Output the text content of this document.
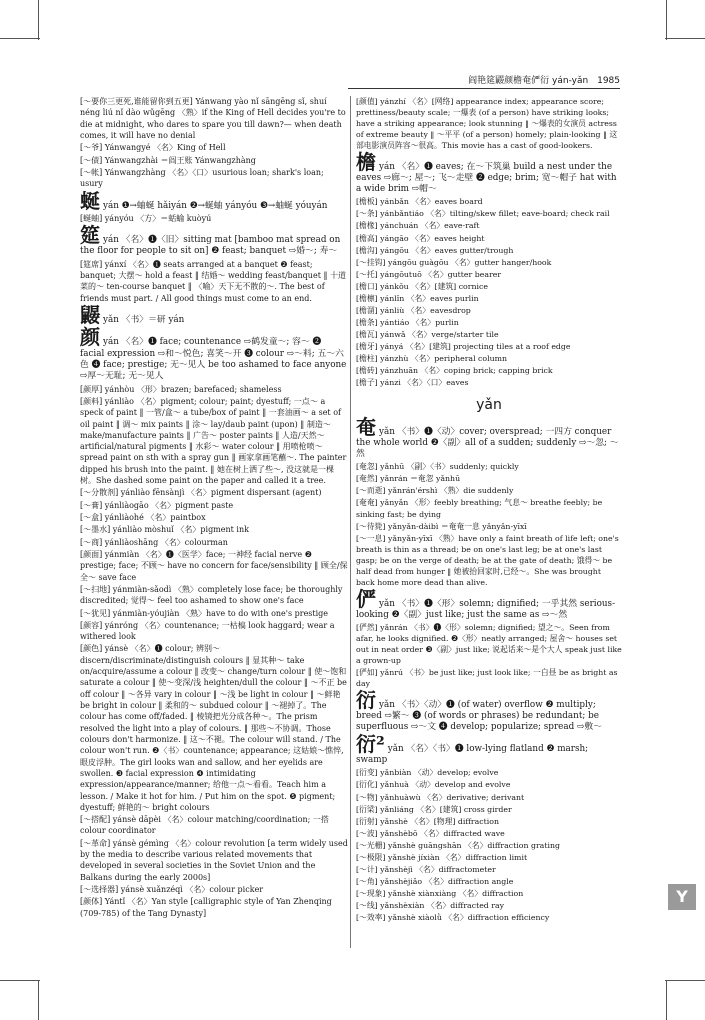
阎艳筵鼹颜檐奄俨衍 yán-yǎn 1985
[～要你三更死,谁能留你到五更] Yánwang yào nǐ sāngēng sǐ, shuí néng liú nǐ dào wǔgēng 〈熟〉if the King of Hell decides you're to die at midnight, who dares to spare you till dawn?— when death comes, it will have no denial
[～爷] Yánwangyé 〈名〉King of Hell
[～债] Yánwangzhài ＝阎王账 Yánwangzhàng
[～帐] Yánwangzhàng 〈名〉〈口〉usurious loan; shark's loan; usury
蜒yán ❶→蚰蜒 hǎiyán ❷→蜒蚰 yányóu ❸→蚰蜒 yóuyán
[蜒蚰] yányóu 〈方〉＝蛞蝓 kuòyú
筵yán 〈名〉❶〈旧〉sitting mat [bamboo mat spread on the floor for people to sit on] ❷ feast; banquet ⇨婚～; 寿～
[筵席] yánxí 〈名〉❶ seats arranged at a banquet ❷ feast; banquet; 大摆～ hold a feast ‖ 结婚～ wedding feast/banquet ‖ 十道菜的～ ten-course banquet ‖ 〈喻〉天下无不散的～. The best of friends must part. / All good things must come to an end.
鼹yǎn 〈书〉＝研 yán
颜yán 〈名〉❶ face; countenance ⇨鹤发童～; 容～ ❷ facial expression ⇨和～悦色; 喜笑～开 ❸ colour ⇨～料; 五～六色 ❹ face; prestige; 无～见人 be too ashamed to face anyone ⇨厚～无耻; 无～见人
[颜厚] yánhòu 〈形〉brazen; barefaced; shameless
[颜料] yánliào 〈名〉pigment; colour; paint; dyestuff; 一点～ a speck of paint ‖ 一管/盒～ a tube/box of paint ‖ 一套油画～ a set of oil paint ‖ 调～ mix paints ‖ 涂～ lay/daub paint (upon) ‖ 制造～ make/manufacture paints ‖ 广告～ poster paints ‖ 人造/天然～ artificial/natural pigments ‖ 水彩～ water colour ‖ 用喷枪喷～ spread paint on sth with a spray gun ‖ 画家拿画笔蘸～. The painter dipped his brush into the paint. ‖ 她在树上洒了些～, 没这就是一棵树。She dashed some paint on the paper and called it a tree.
[～分散剂] yánliào fēnsànjì 〈名〉pigment dispersant (agent)
[～膏] yánliàogāo 〈名〉pigment paste
[～盒] yánliàohé 〈名〉paintbox
[～墨水] yánliào mòshuǐ 〈名〉pigment ink
[～商] yánliàoshāng 〈名〉colourman
[颜面] yánmiàn 〈名〉❶〈医学〉face; 一神经 facial nerve ❷ prestige; face; 不顾～ have no concern for face/sensibility ‖ 顾全/保全～ save face
[～扫地] yánmiàn-sǎodì 〈熟〉completely lose face; be thoroughly discredited; 觉得～ feel too ashamed to show one's face
[～犹见] yánmiàn-yóujiàn 〈熟〉have to do with one's prestige
[颜容] yánróng 〈名〉countenance; 一枯槁 look haggard; wear a withered look
[颜色] yánsè 〈名〉❶ colour; 辨别～ discern/discriminate/distinguish colours ‖ 显其种～ take on/acquire/assume a colour ‖ 改变～ change/turn colour ‖ 使～饱和 saturate a colour ‖ 使～变深/浅 heighten/dull the colour ‖ ～不正 be off colour ‖ ～各异 vary in colour ‖ ～浅 be light in colour ‖ ～鲜艳 be bright in colour ‖ 柔和的～ subdued colour ‖ ～褪掉了。The colour has come off/faded. ‖ 棱镜把光分成各种～。The prism resolved the light into a play of colours. ‖ 那些～不协调。Those colours don't harmonize. ‖ 这～不褪。The colour will stand. / The colour won't run. ❷〈书〉countenance; appearance; 这姑娘～憔悴, 眼皮浮肿。The girl looks wan and sallow, and her eyelids are swollen. ❸ facial expression ❹ intimidating expression/appearance/manner; 给他一点～看看。Teach him a lesson. / Make it hot for him. / Put him on the spot. ❺ pigment; dyestuff; 鲜艳的～ bright colours
[～搭配] yánsè dāpèi 〈名〉colour matching/coordination; 一搭 colour coordinator
[～革命] yánsè gémìng 〈名〉colour revolution [a term widely used by the media to describe various related movements that developed in several societies in the Soviet Union and the Balkans during the early 2000s]
[～选择器] yánsè xuǎnzéqì 〈名〉colour picker
[颜体] Yántǐ 〈名〉Yan style [calligraphic style of Yan Zhenqing (709-785) of the Tang Dynasty]
[颜值] yánzhí 〈名〉[网络] appearance index; appearance score; prettiness/beauty scale; 一爆表 (of a person) have striking looks; have a striking appearance; look stunning ‖ ～爆表的女演员 actress of extreme beauty ‖ ～平平 (of a person) homely; plain-looking ‖ 这部电影演员阵容～很高。This movie has a cast of good-lookers.
檐yán 〈名〉❶ eaves; 在～下筑巢 build a nest under the eaves ⇨廊～; 屋～; 飞～走壁 ❷ edge; brim; 宽～帽子 hat with a wide brim ⇨帽～
[檐板] yánbǎn 〈名〉eaves board
[～条] yánbǎntiáo 〈名〉tilting/skew fillet; eave-board; check rail
[檐椽] yánchuán 〈名〉eave-raft
[檐高] yángāo 〈名〉eaves height
[檐沟] yángōu 〈名〉eaves gutter/trough
[～挂钩] yángōu guàgōu 〈名〉gutter hanger/hook
[～托] yángōutuō 〈名〉gutter bearer
[檐口] yánkǒu 〈名〉[建筑] cornice
[檐檩] yánlǐn 〈名〉eaves purlin
[檐溜] yánliù 〈名〉eavesdrop
[檐条] yántiáo 〈名〉purlin
[檐瓦] yánwǎ 〈名〉verge/starter tile
[檐牙] yányá 〈名〉[建筑] projecting tiles at a roof edge
[檐柱] yánzhù 〈名〉peripheral column
[檐砖] yánzhuān 〈名〉coping brick; capping brick
[檐子] yánzi 〈名〉〈口〉eaves
yǎn
奄yǎn 〈书〉❶〈动〉cover; overspread; 一四方 conquer the whole world ❷〈副〉all of a sudden; suddenly ⇨～忽; ～然
[奄忽] yǎnhū 〈副〉〈书〉suddenly; quickly
[奄然] yǎnrán ＝奄忽 yǎnhū
[～而逝] yǎnrán'érshì 〈熟〉die suddenly
[奄奄] yǎnyǎn 〈形〉feebly breathing; 气息～ breathe feebly; be sinking fast; be dying
[～待毙] yǎnyǎn-dàibì ＝奄奄一息 yǎnyǎn-yīxī
[～一息] yǎnyǎn-yīxī 〈熟〉have only a faint breath of life left; one's breath is thin as a thread; be on one's last leg; be at one's last gasp; be on the verge of death; be at the gate of death; 饿得～ be half dead from hunger ‖ 她被抬回家时,已经～。She was brought back home more dead than alive.
俨yǎn 〈书〉❶〈形〉solemn; dignified; 一乎其然 serious-looking ❷〈副〉just like; just the same as ⇨～然
[俨然] yǎnrán 〈书〉❶〈形〉solemn; dignified; 望之～。Seen from afar, he looks dignified. ❷〈形〉neatly arranged; 屋舍～ houses set out in neat order ❸〈副〉just like; 说起话来～是个大人 speak just like a grown-up
[俨如] yǎnrú 〈书〉be just like; just look like; 一白昼 be as bright as day
衍yǎn 〈书〉〈动〉❶ (of water) overflow ❷ multiply; breed ⇨繁～ ❸ (of words or phrases) be redundant; be superfluous ⇨～文 ❹ develop; popularize; spread ⇨敷～
衍² yǎn 〈名〉〈书〉❶ low-lying flatland ❷ marsh; swamp
[衍变] yǎnbiàn 〈动〉develop; evolve
[衍化] yǎnhuà 〈动〉develop and evolve
[～物] yǎnhuàwù 〈名〉derivative; derivant
[衍梁] yǎnliáng 〈名〉[建筑] cross girder
[衍射] yǎnshè 〈名〉[物理] diffraction
[～波] yǎnshèbō 〈名〉diffracted wave
[～光栅] yǎnshè guāngshān 〈名〉diffraction grating
[～极限] yǎnshè jíxiàn 〈名〉diffraction limit
[～计] yǎnshèjì 〈名〉diffractometer
[～角] yǎnshèjiǎo 〈名〉diffraction angle
[～现象] yǎnshè xiànxiàng 〈名〉diffraction
[～线] yǎnshèxiàn 〈名〉diffracted ray
[～效率] yǎnshè xiàolǜ 〈名〉diffraction efficiency
Y
